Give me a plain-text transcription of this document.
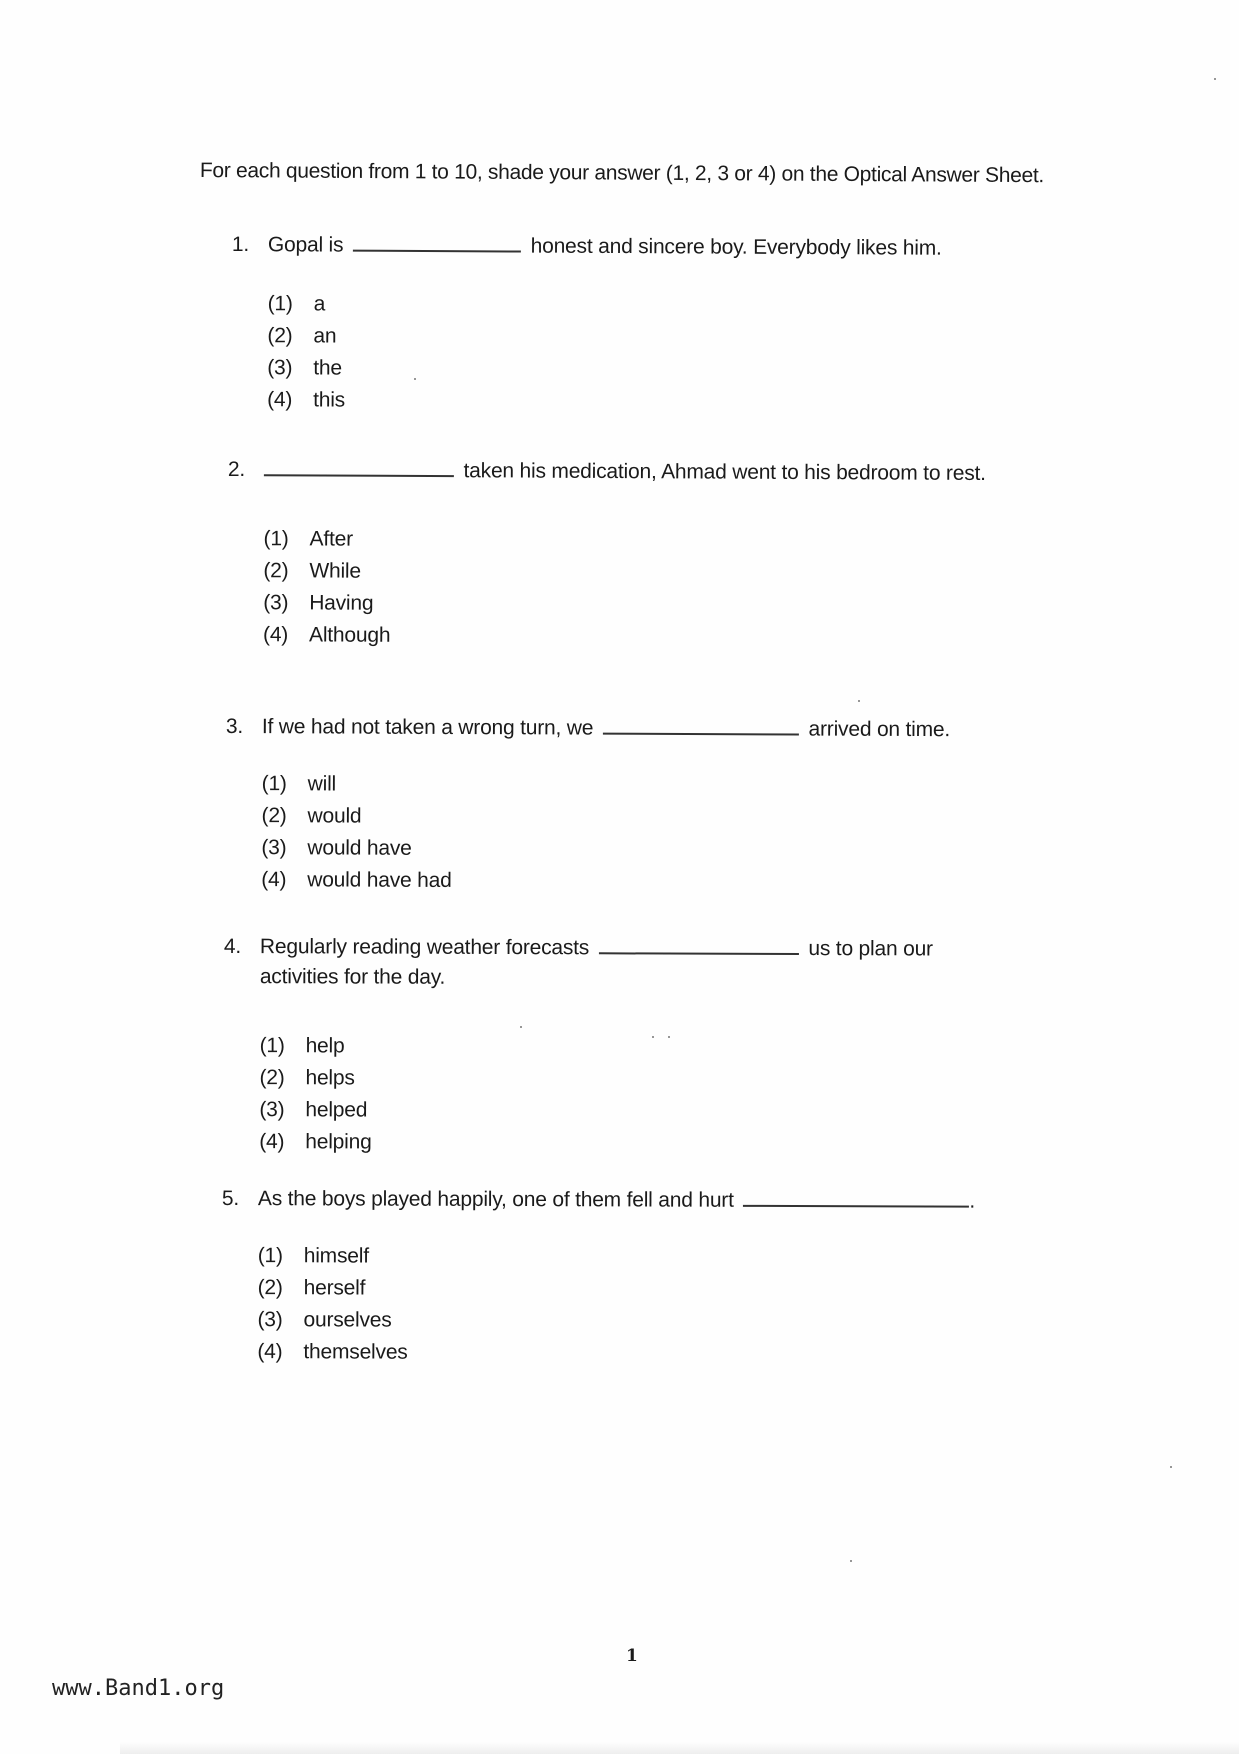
For each question from 1 to 10, shade your answer (1, 2, 3 or 4) on the Optical Answer Sheet.

1. Gopal is	honest and sincere boy. Everybody likes him.
(1) a
(2) an
(3) the
(4) this
2.	taken his medication, Ahmad went to his bedroom to rest.
(1) After
(2) While
(3) Having
(4) Although
3. If we had not taken a wrong turn, we	arrived on time.
(1) will
(2) would
(3) would have
(4) would have had
4. Regularly reading weather forecasts	us to plan our activities for the day.
(1) help
(2) helps
(3) helped
(4) helping
5. As the boys played happily, one of them fell and hurt	.
(1) himself
(2) herself
(3) ourselves
(4) themselves
1
www.Band1.org
